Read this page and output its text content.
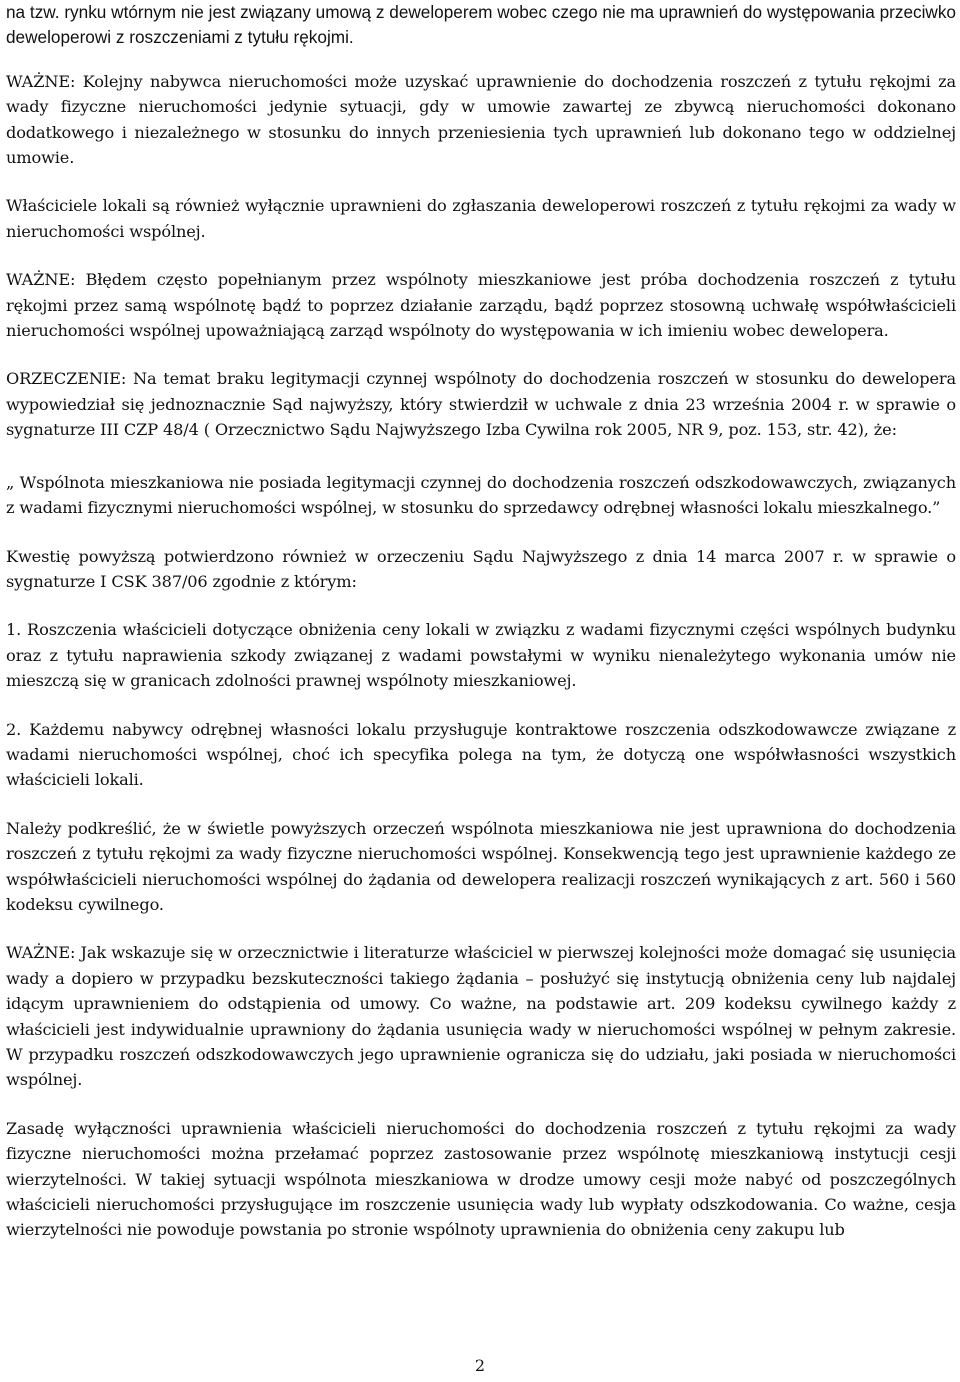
na tzw. rynku wtórnym nie jest związany umową z deweloperem wobec czego nie ma uprawnień do występowania przeciwko deweloperowi z roszczeniami z tytułu rękojmi.

WAŻNE: Kolejny nabywca nieruchomości może uzyskać uprawnienie do dochodzenia roszczeń z tytułu rękojmi za wady fizyczne nieruchomości jedynie sytuacji, gdy w umowie zawartej ze zbywcą nieruchomości dokonano dodatkowego i niezależnego w stosunku do innych przeniesienia tych uprawnień lub dokonano tego w oddzielnej umowie.

Właściciele lokali są również wyłącznie uprawnieni do zgłaszania deweloperowi roszczeń z tytułu rękojmi za wady w nieruchomości wspólnej.

WAŻNE: Błędem często popełnianym przez wspólnoty mieszkaniowe jest próba dochodzenia roszczeń z tytułu rękojmi przez samą wspólnotę bądź to poprzez działanie zarządu, bądź poprzez stosowną uchwałę współwłaścicieli nieruchomości wspólnej upoważniającą zarząd wspólnoty do występowania w ich imieniu wobec dewelopera.

ORZECZENIE: Na temat braku legitymacji czynnej wspólnoty do dochodzenia roszczeń w stosunku do dewelopera wypowiedział się jednoznacznie Sąd najwyższy, który stwierdził w uchwale z dnia 23 września 2004 r. w sprawie o sygnaturze III CZP 48/4 ( Orzecznictwo Sądu Najwyższego Izba Cywilna rok 2005, NR 9, poz. 153, str. 42), że:

„ Wspólnota mieszkaniowa nie posiada legitymacji czynnej do dochodzenia roszczeń odszkodowawczych, związanych z wadami fizycznymi nieruchomości wspólnej, w stosunku do sprzedawcy odrębnej własności lokalu mieszkalnego.”

Kwestię powyższą potwierdzono również w orzeczeniu Sądu Najwyższego z dnia 14 marca 2007 r. w sprawie o sygnaturze I CSK 387/06 zgodnie z którym:

1. Roszczenia właścicieli dotyczące obniżenia ceny lokali w związku z wadami fizycznymi części wspólnych budynku oraz z tytułu naprawienia szkody związanej z wadami powstałymi w wyniku nienależytego wykonania umów nie mieszczą się w granicach zdolności prawnej wspólnoty mieszkaniowej.

2. Każdemu nabywcy odrębnej własności lokalu przysługuje kontraktowe roszczenia odszkodowawcze związane z wadami nieruchomości wspólnej, choć ich specyfika polega na tym, że dotyczą one współwłasności wszystkich właścicieli lokali.

Należy podkreślić, że w świetle powyższych orzeczeń wspólnota mieszkaniowa nie jest uprawniona do dochodzenia roszczeń z tytułu rękojmi za wady fizyczne nieruchomości wspólnej. Konsekwencją tego jest uprawnienie każdego ze współwłaścicieli nieruchomości wspólnej do żądania od dewelopera realizacji roszczeń wynikających z art. 560 i 560 kodeksu cywilnego.

WAŻNE: Jak wskazuje się w orzecznictwie i literaturze właściciel w pierwszej kolejności może domagać się usunięcia wady a dopiero w przypadku bezskuteczności takiego żądania – posłużyć się instytucją obniżenia ceny lub najdalej idącym uprawnieniem do odstąpienia od umowy. Co ważne, na podstawie art. 209 kodeksu cywilnego każdy z właścicieli jest indywidualnie uprawniony do żądania usunięcia wady w nieruchomości wspólnej w pełnym zakresie. W przypadku roszczeń odszkodowawczych jego uprawnienie ogranicza się do udziału, jaki posiada w nieruchomości wspólnej.

Zasadę wyłączności uprawnienia właścicieli nieruchomości do dochodzenia roszczeń z tytułu rękojmi za wady fizyczne nieruchomości można przełamać poprzez zastosowanie przez wspólnotę mieszkaniową instytucji cesji wierzytelności. W takiej sytuacji wspólnota mieszkaniowa w drodze umowy cesji może nabyć od poszczególnych właścicieli nieruchomości przysługujące im roszczenie usunięcia wady lub wypłaty odszkodowania. Co ważne, cesja wierzytelności nie powoduje powstania po stronie wspólnoty uprawnienia do obniżenia ceny zakupu lub

2
